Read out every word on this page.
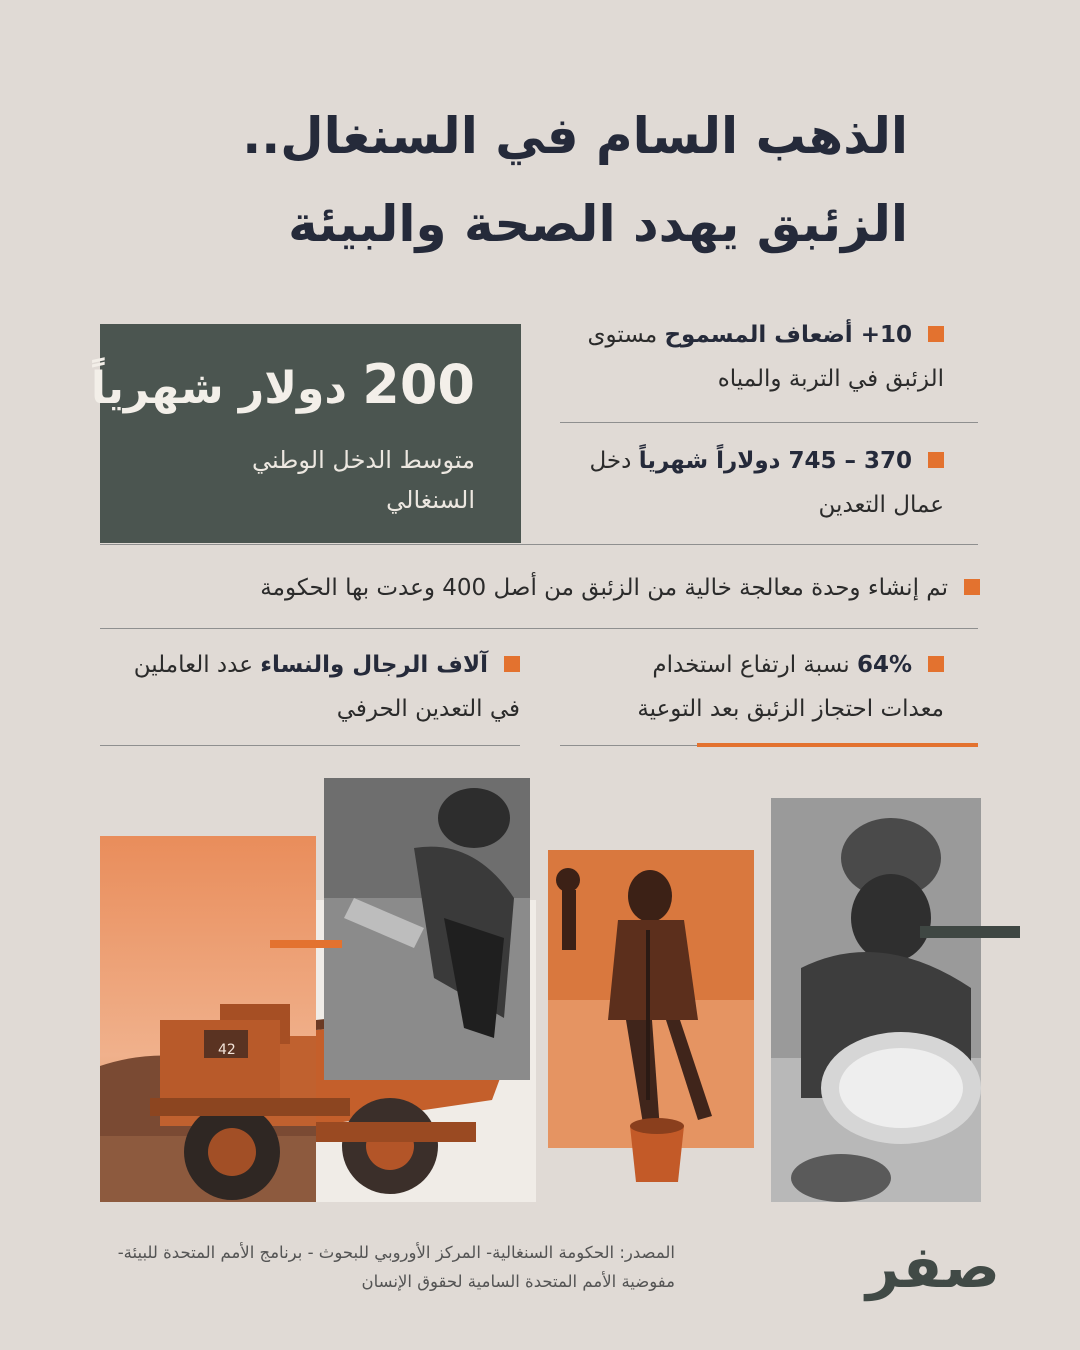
الذهب السام في السنغال..
الزئبق يهدد الصحة والبيئة
200 دولار شهرياً
متوسط الدخل الوطني
السنغالي
10+ أضعاف المسموح مستوى
الزئبق في التربة والمياه
370 – 745 دولاراً شهرياً دخل
عمال التعدين
تم إنشاء وحدة معالجة خالية من الزئبق من أصل 400 وعدت بها الحكومة
64% نسبة ارتفاع استخدام
معدات احتجاز الزئبق بعد التوعية
آلاف الرجال والنساء عدد العاملين
في التعدين الحرفي
42
المصدر: الحكومة السنغالية- المركز الأوروبي للبحوث - برنامج الأمم المتحدة للبيئة-
مفوضية الأمم المتحدة السامية لحقوق الإنسان	صفر
